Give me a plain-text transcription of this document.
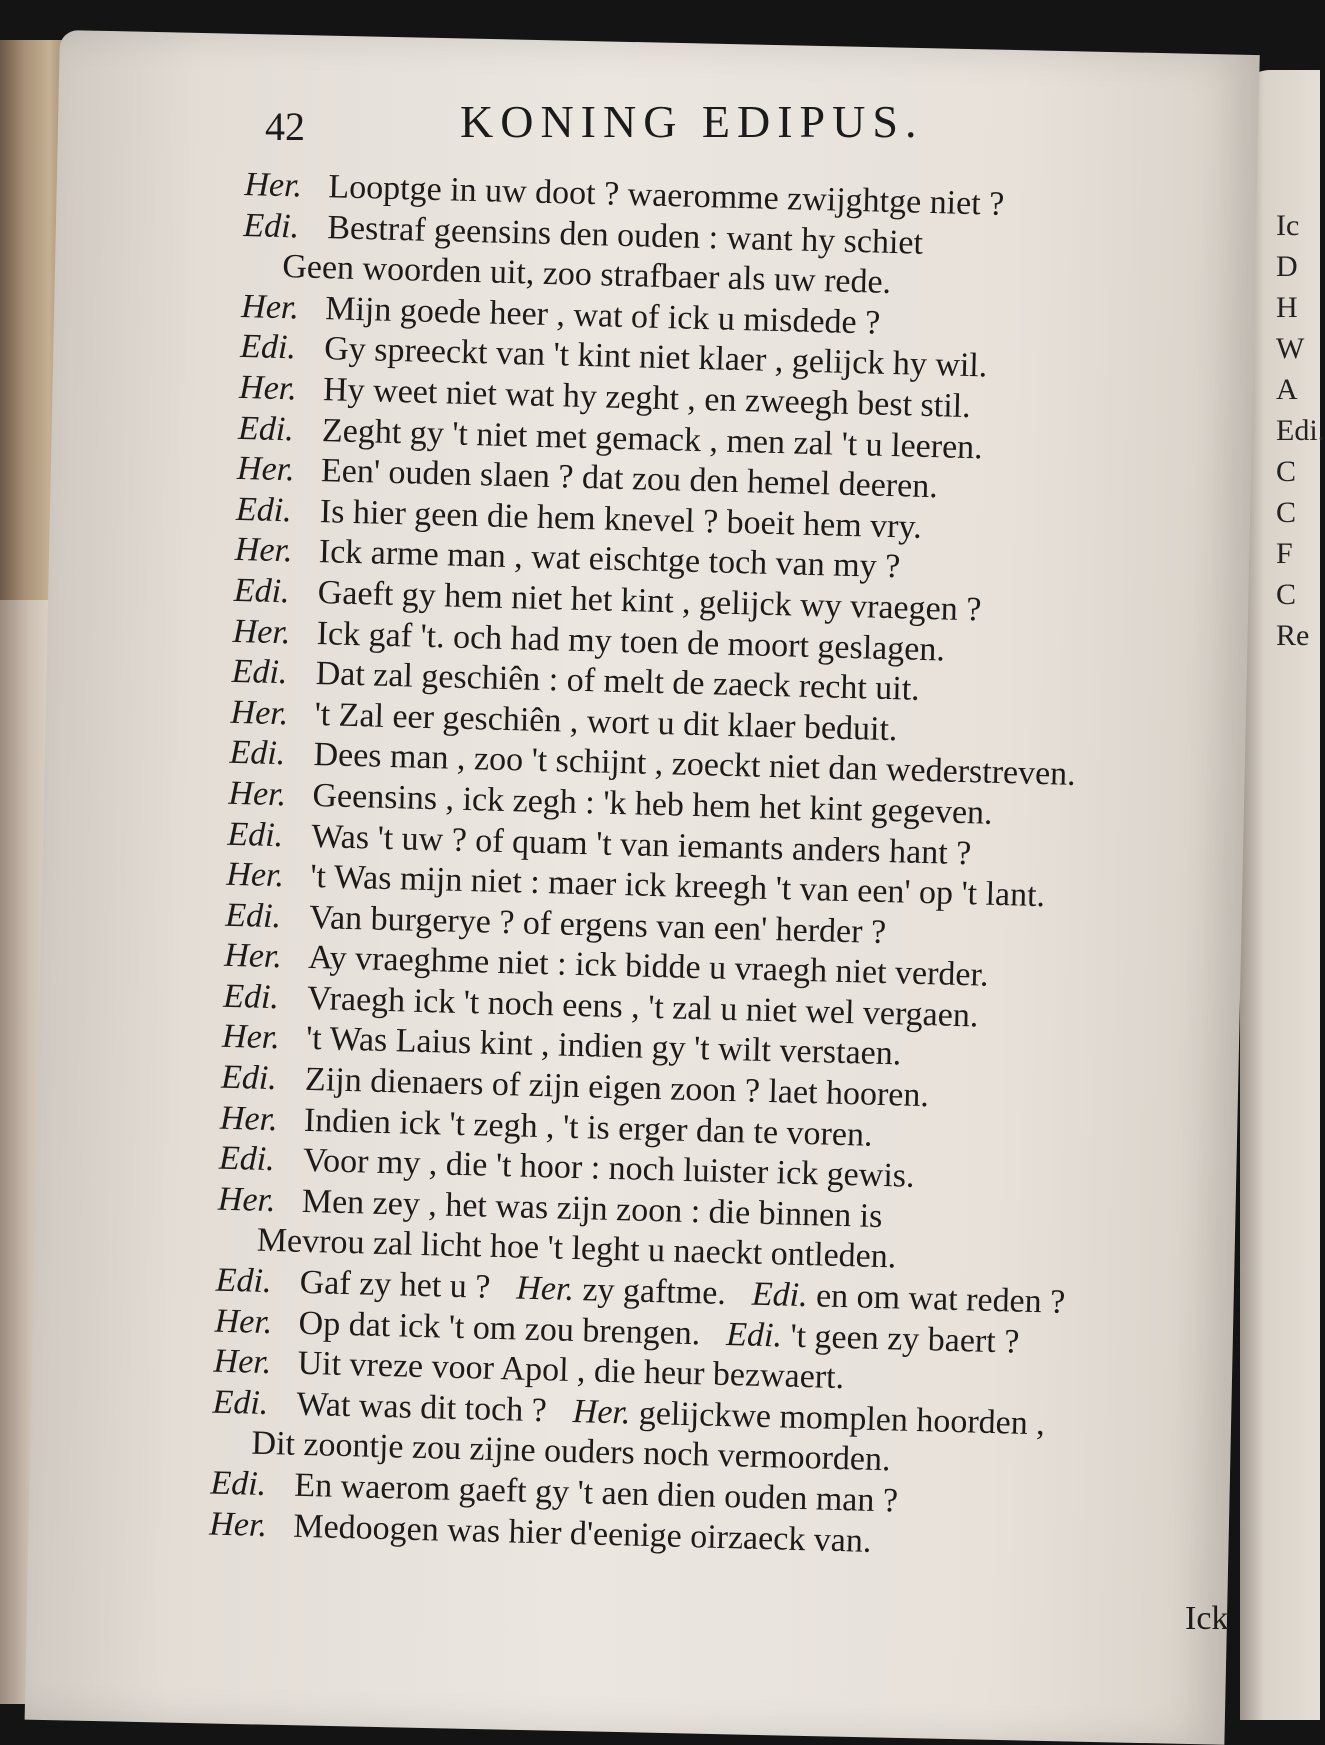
Ic
D
H
W
A
Edi.
C
C
F
C
Re
42	KONING EDIPUS.
Her. Looptge in uw doot ? waeromme zwijghtge niet ?
Edi. Bestraf geensins den ouden : want hy schiet
Geen woorden uit, zoo strafbaer als uw rede.
Her. Mijn goede heer , wat of ick u misdede ?
Edi. Gy spreeckt van 't kint niet klaer , gelijck hy wil.
Her. Hy weet niet wat hy zeght , en zweegh best stil.
Edi. Zeght gy 't niet met gemack , men zal 't u leeren.
Her. Een' ouden slaen ? dat zou den hemel deeren.
Edi. Is hier geen die hem knevel ? boeit hem vry.
Her. Ick arme man , wat eischtge toch van my ?
Edi. Gaeft gy hem niet het kint , gelijck wy vraegen ?
Her. Ick gaf 't. och had my toen de moort geslagen.
Edi. Dat zal geschiên : of melt de zaeck recht uit.
Her. 't Zal eer geschiên , wort u dit klaer beduit.
Edi. Dees man , zoo 't schijnt , zoeckt niet dan wederstreven.
Her. Geensins , ick zegh : 'k heb hem het kint gegeven.
Edi. Was 't uw ? of quam 't van iemants anders hant ?
Her. 't Was mijn niet : maer ick kreegh 't van een' op 't lant.
Edi. Van burgerye ? of ergens van een' herder ?
Her. Ay vraeghme niet : ick bidde u vraegh niet verder.
Edi. Vraegh ick 't noch eens , 't zal u niet wel vergaen.
Her. 't Was Laius kint , indien gy 't wilt verstaen.
Edi. Zijn dienaers of zijn eigen zoon ? laet hooren.
Her. Indien ick 't zegh , 't is erger dan te voren.
Edi. Voor my , die 't hoor : noch luister ick gewis.
Her. Men zey , het was zijn zoon : die binnen is
Mevrou zal licht hoe 't leght u naeckt ontleden.
Edi. Gaf zy het u ? Her. zy gaftme. Edi. en om wat reden ?
Her. Op dat ick 't om zou brengen. Edi. 't geen zy baert ?
Her. Uit vreze voor Apol , die heur bezwaert.
Edi. Wat was dit toch ? Her. gelijckwe momplen hoorden ,
Dit zoontje zou zijne ouders noch vermoorden.
Edi. En waerom gaeft gy 't aen dien ouden man ?
Her. Medoogen was hier d'eenige oirzaeck van.
Ick
